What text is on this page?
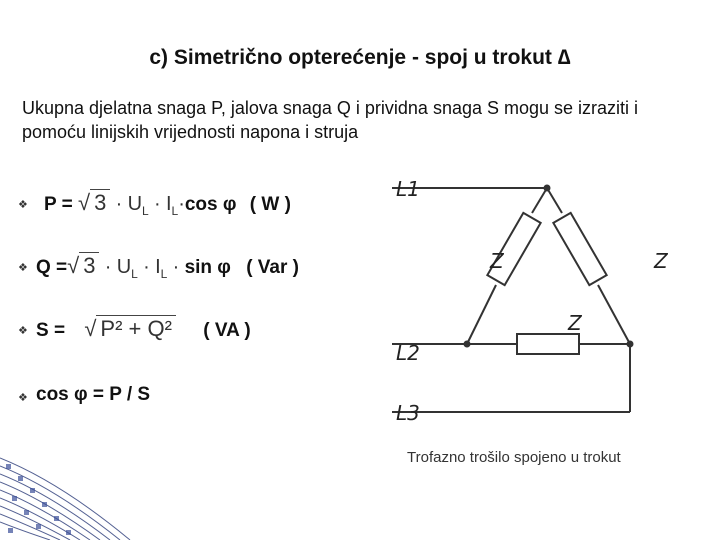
c) Simetrično opterećenje - spoj u trokut ∆
Ukupna djelatna snaga P, jalova snaga Q i prividna snaga S mogu se izraziti i pomoću linijskih vrijednosti napona i struja
❖
❖
❖
❖
P = √ $3 \cdot U_L \cdot I_L\cdot\cos$ φ ( W )
Q =√ $3 \cdot U_L \cdot I_L \cdot \sin \varphi$ ( Var )
S = √ P² + Q² ( VA )
cos φ = P / S
L1
L2
L3
Z	Z
Z
Trofazno trošilo spojeno u trokut
